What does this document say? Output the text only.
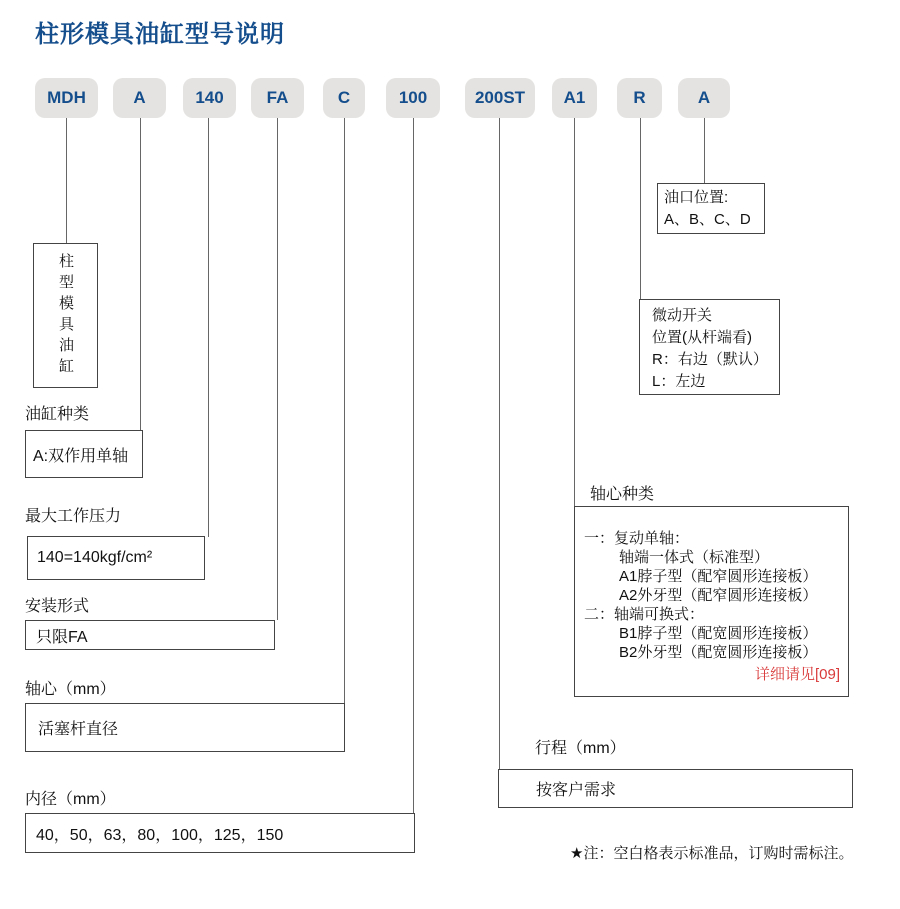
柱形模具油缸型号说明
MDH	A	140	FA	C	100	200ST	A1	R	A
柱型模具油缸
油缸种类
A:双作用单轴
最大工作压力
140=140kgf/cm²
安装形式
只限FA
轴心（mm）
活塞杆直径
内径（mm）
40，50，63，80，100，125，150
行程（mm）
按客户需求
轴心种类
一：复动单轴：
轴端一体式（标准型）
A1脖子型（配窄圆形连接板）
A2外牙型（配窄圆形连接板）
二：轴端可换式：
B1脖子型（配宽圆形连接板）
B2外牙型（配宽圆形连接板）
详细请见[09]
微动开关
位置(从杆端看)
R：右边（默认）
L：左边
油口位置:
A、B、C、D
★注：空白格表示标准品，订购时需标注。
